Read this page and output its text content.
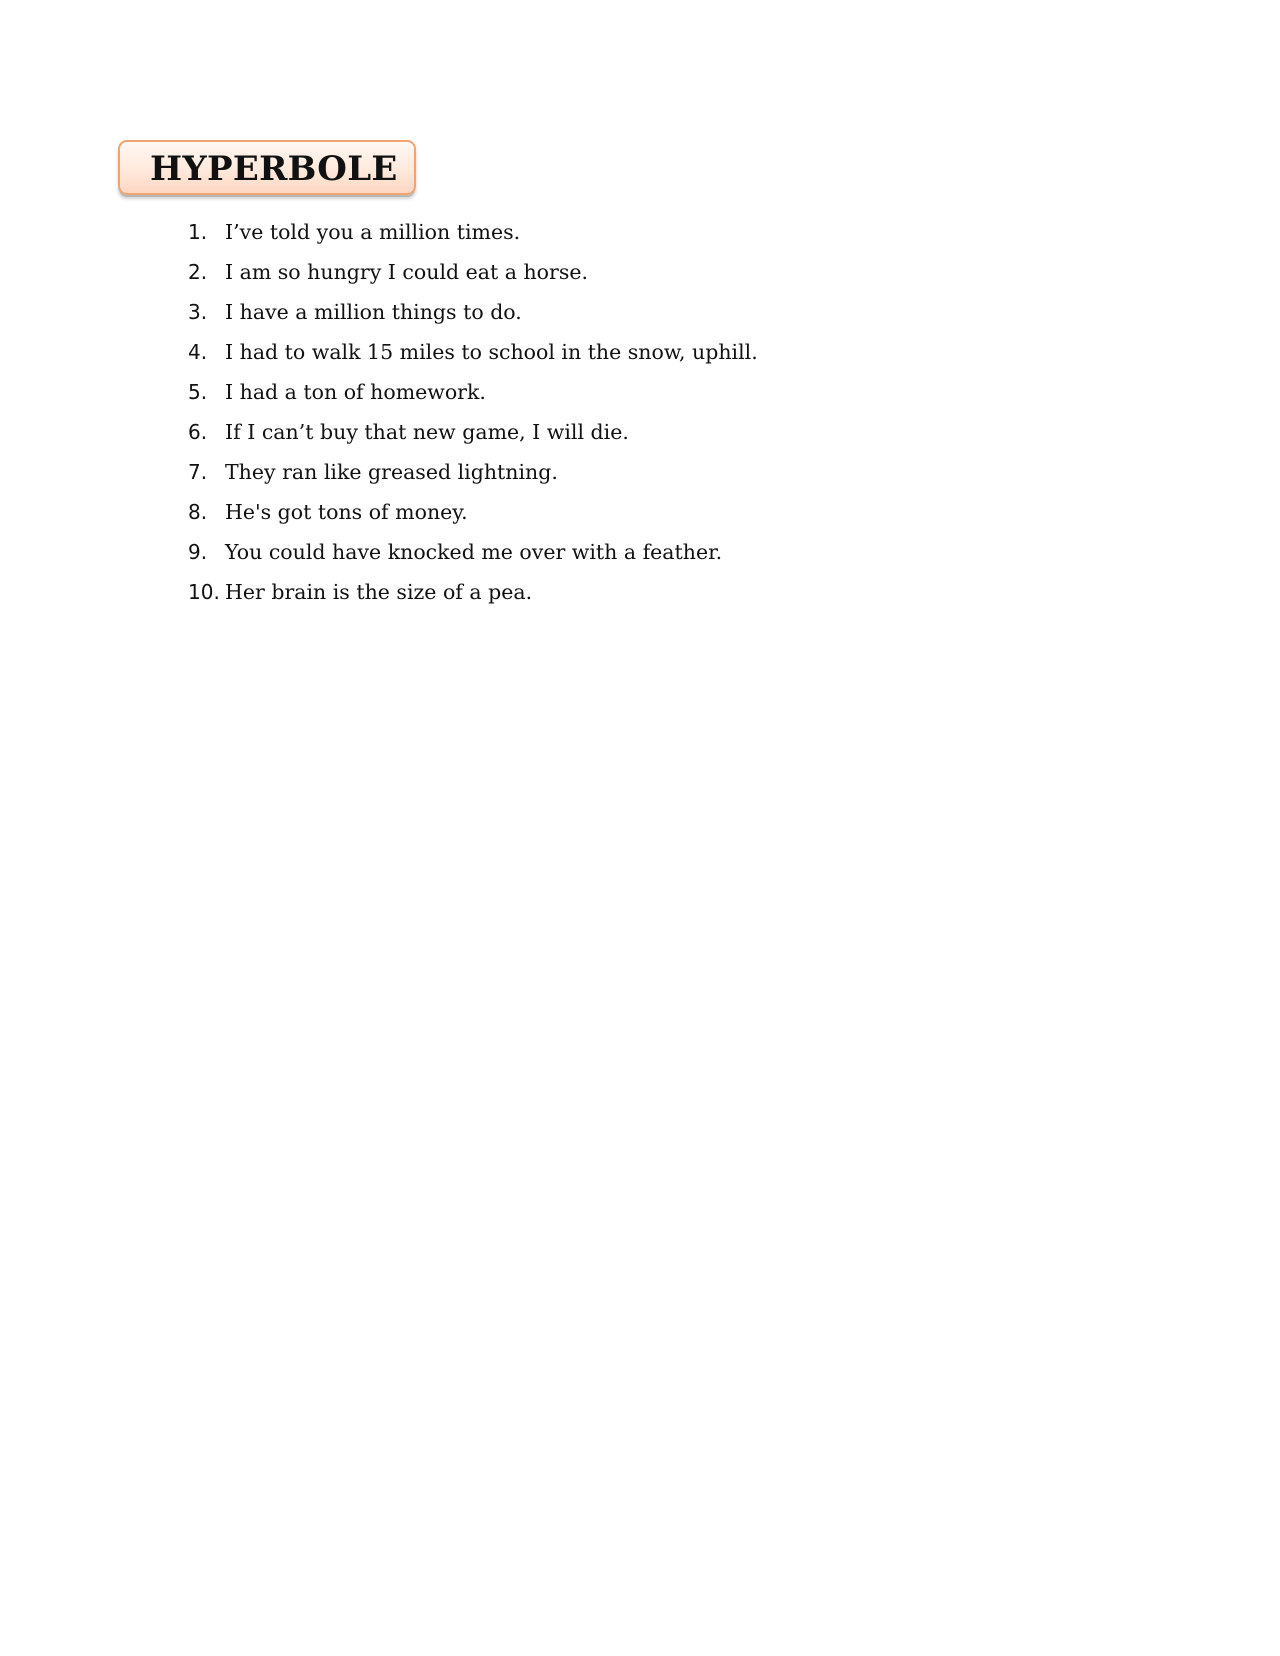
HYPERBOLE
1. I’ve told you a million times.
2. I am so hungry I could eat a horse.
3. I have a million things to do.
4. I had to walk 15 miles to school in the snow, uphill.
5. I had a ton of homework.
6. If I can’t buy that new game, I will die.
7. They ran like greased lightning.
8. He's got tons of money.
9. You could have knocked me over with a feather.
10. Her brain is the size of a pea.
